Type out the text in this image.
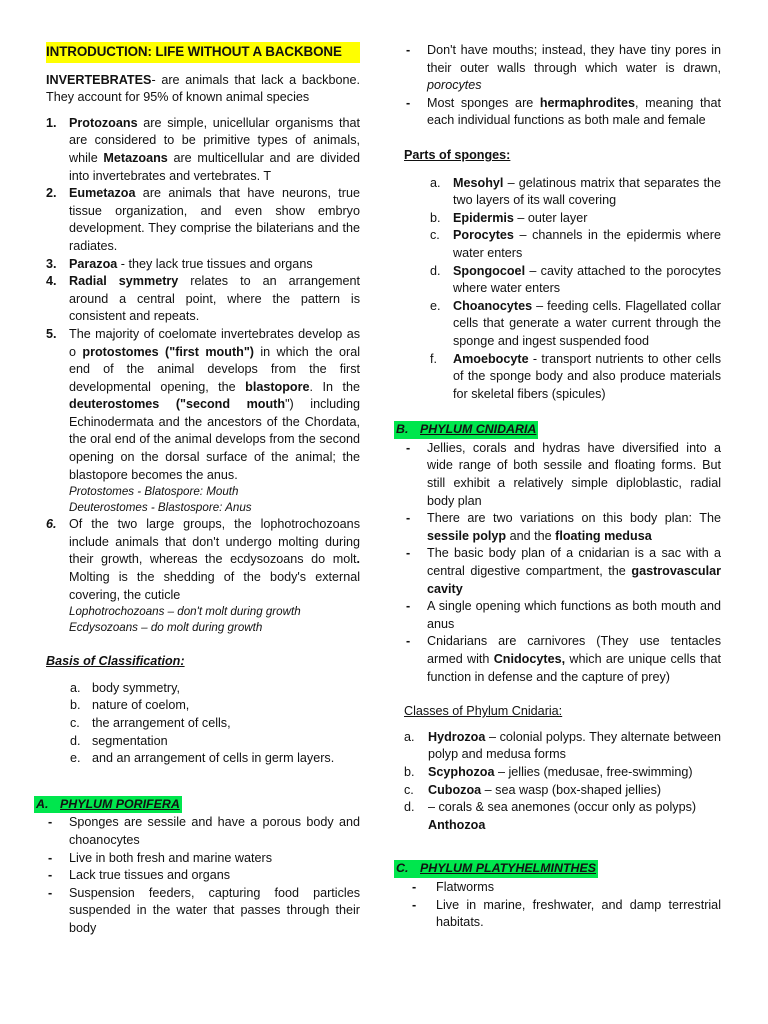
INTRODUCTION: LIFE WITHOUT A BACKBONE

INVERTEBRATES- are animals that lack a backbone. They account for 95% of known animal species

1. Protozoans are simple, unicellular organisms that are considered to be primitive types of animals, while Metazoans are multicellular and are divided into invertebrates and vertebrates. T
2. Eumetazoa are animals that have neurons, true tissue organization, and even show embryo development. They comprise the bilaterians and the radiates.
3. Parazoa - they lack true tissues and organs
4. Radial symmetry relates to an arrangement around a central point, where the pattern is consistent and repeats.
5. The majority of coelomate invertebrates develop as o protostomes ("first mouth") in which the oral end of the animal develops from the first developmental opening, the blastopore. In the deuterostomes ("second mouth") including Echinodermata and the ancestors of the Chordata, the oral end of the animal develops from the second opening on the dorsal surface of the animal; the blastopore becomes the anus.
Protostomes - Blatospore: Mouth
Deuterostomes - Blastospore: Anus
6. Of the two large groups, the lophotrochozoans include animals that don't undergo molting during their growth, whereas the ecdysozoans do molt. Molting is the shedding of the body's external covering, the cuticle
Lophotrochozoans – don't molt during growth
Ecdysozoans – do molt during growth

Basis of Classification:

a. body symmetry,
b. nature of coelom,
c. the arrangement of cells,
d. segmentation
e. and an arrangement of cells in germ layers.
A. PHYLUM PORIFERA
- Sponges are sessile and have a porous body and choanocytes
- Live in both fresh and marine waters
- Lack true tissues and organs
- Suspension feeders, capturing food particles suspended in the water that passes through their body
- Don't have mouths; instead, they have tiny pores in their outer walls through which water is drawn, porocytes
- Most sponges are hermaphrodites, meaning that each individual functions as both male and female

Parts of sponges:

a. Mesohyl – gelatinous matrix that separates the two layers of its wall covering
b. Epidermis – outer layer
c. Porocytes – channels in the epidermis where water enters
d. Spongocoel – cavity attached to the porocytes where water enters
e. Choanocytes – feeding cells. Flagellated collar cells that generate a water current through the sponge and ingest suspended food
f. Amoebocyte - transport nutrients to other cells of the sponge body and also produce materials for skeletal fibers (spicules)
B. PHYLUM CNIDARIA
- Jellies, corals and hydras have diversified into a wide range of both sessile and floating forms. But still exhibit a relatively simple diploblastic, radial body plan
- There are two variations on this body plan: The sessile polyp and the floating medusa
- The basic body plan of a cnidarian is a sac with a central digestive compartment, the gastrovascular cavity
- A single opening which functions as both mouth and anus
- Cnidarians are carnivores (They use tentacles armed with Cnidocytes, which are unique cells that function in defense and the capture of prey)

Classes of Phylum Cnidaria:

a. Hydrozoa – colonial polyps. They alternate between polyp and medusa forms
b. Scyphozoa – jellies (medusae, free-swimming)
c. Cubozoa – sea wasp (box-shaped jellies)
d. – corals & sea anemones (occur only as polyps)
Anthozoa
C. PHYLUM PLATYHELMINTHES
- Flatworms
- Live in marine, freshwater, and damp terrestrial habitats.
